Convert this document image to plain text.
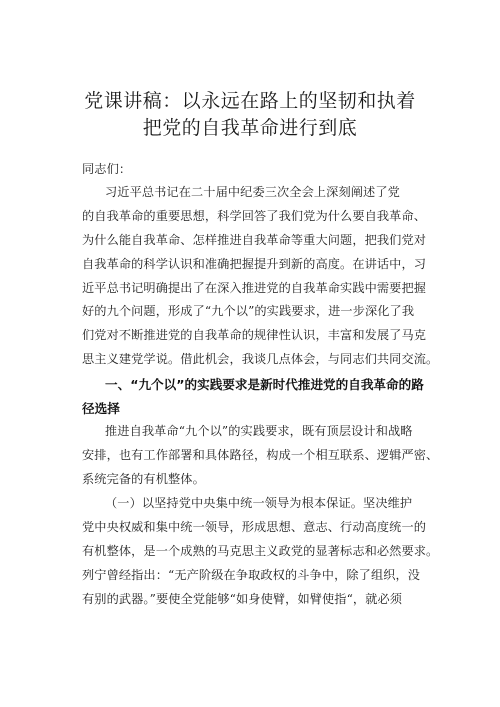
党课讲稿：以永远在路上的坚韧和执着
把党的自我革命进行到底
同志们：
习近平总书记在二十届中纪委三次全会上深刻阐述了党
的自我革命的重要思想，科学回答了我们党为什么要自我革命、
为什么能自我革命、怎样推进自我革命等重大问题，把我们党对
自我革命的科学认识和准确把握提升到新的高度。在讲话中，习
近平总书记明确提出了在深入推进党的自我革命实践中需要把握
好的九个问题，形成了“九个以”的实践要求，进一步深化了我
们党对不断推进党的自我革命的规律性认识，丰富和发展了马克
思主义建党学说。借此机会，我谈几点体会，与同志们共同交流。
一、“九个以”的实践要求是新时代推进党的自我革命的路
径选择
推进自我革命“九个以”的实践要求，既有顶层设计和战略
安排，也有工作部署和具体路径，构成一个相互联系、逻辑严密、
系统完备的有机整体。
（一）以坚持党中央集中统一领导为根本保证。坚决维护
党中央权威和集中统一领导，形成思想、意志、行动高度统一的
有机整体，是一个成熟的马克思主义政党的显著标志和必然要求。
列宁曾经指出：“无产阶级在争取政权的斗争中，除了组织，没
有别的武器。”要使全党能够“如身使臂，如臂使指“，就必须
